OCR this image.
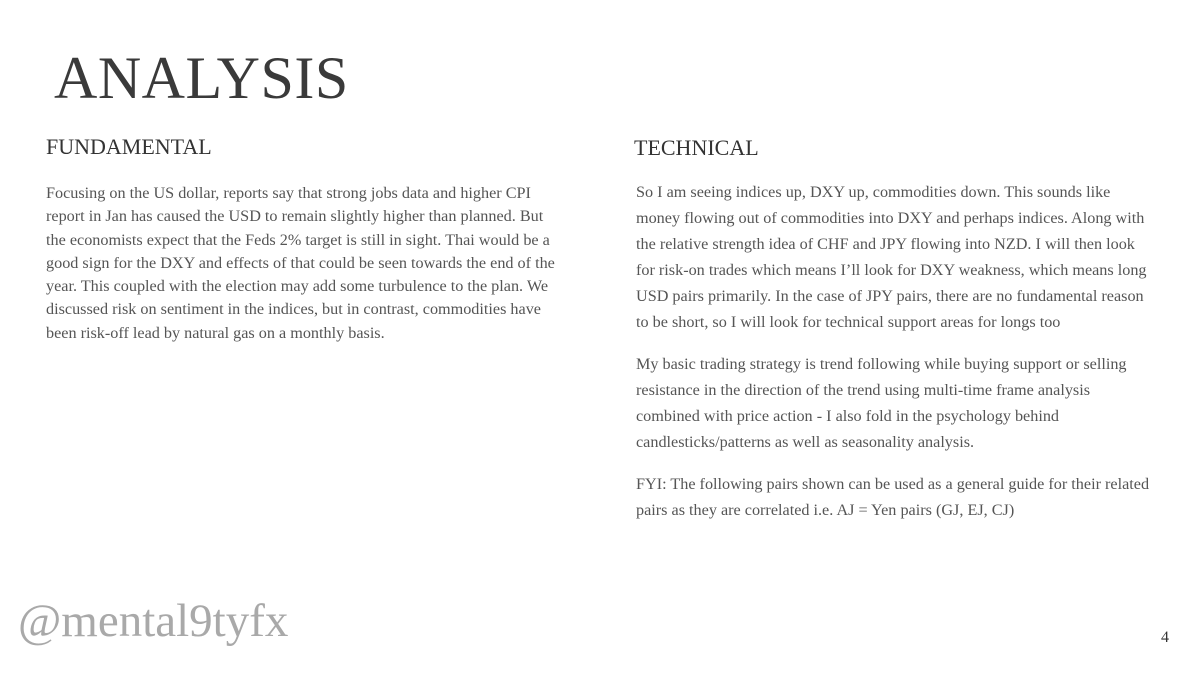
ANALYSIS
FUNDAMENTAL

Focusing on the US dollar, reports say that strong jobs data and higher CPI report in Jan has caused the USD to remain slightly higher than planned. But the economists expect that the Feds 2% target is still in sight. Thai would be a good sign for the DXY and effects of that could be seen towards the end of the year. This coupled with the election may add some turbulence to the plan. We discussed risk on sentiment in the indices, but in contrast, commodities have been risk-off lead by natural gas on a monthly basis.

TECHNICAL

So I am seeing indices up, DXY up, commodities down. This sounds like money flowing out of commodities into DXY and perhaps indices. Along with the relative strength idea of CHF and JPY flowing into NZD. I will then look for risk-on trades which means I’ll look for DXY weakness, which means long USD pairs primarily. In the case of JPY pairs, there are no fundamental reason to be short, so I will look for technical support areas for longs too

My basic trading strategy is trend following while buying support or selling resistance in the direction of the trend using multi-time frame analysis combined with price action - I also fold in the psychology behind candlesticks/patterns as well as seasonality analysis.

FYI: The following pairs shown can be used as a general guide for their related pairs as they are correlated i.e. AJ = Yen pairs (GJ, EJ, CJ)

@mental9tyfx	4
